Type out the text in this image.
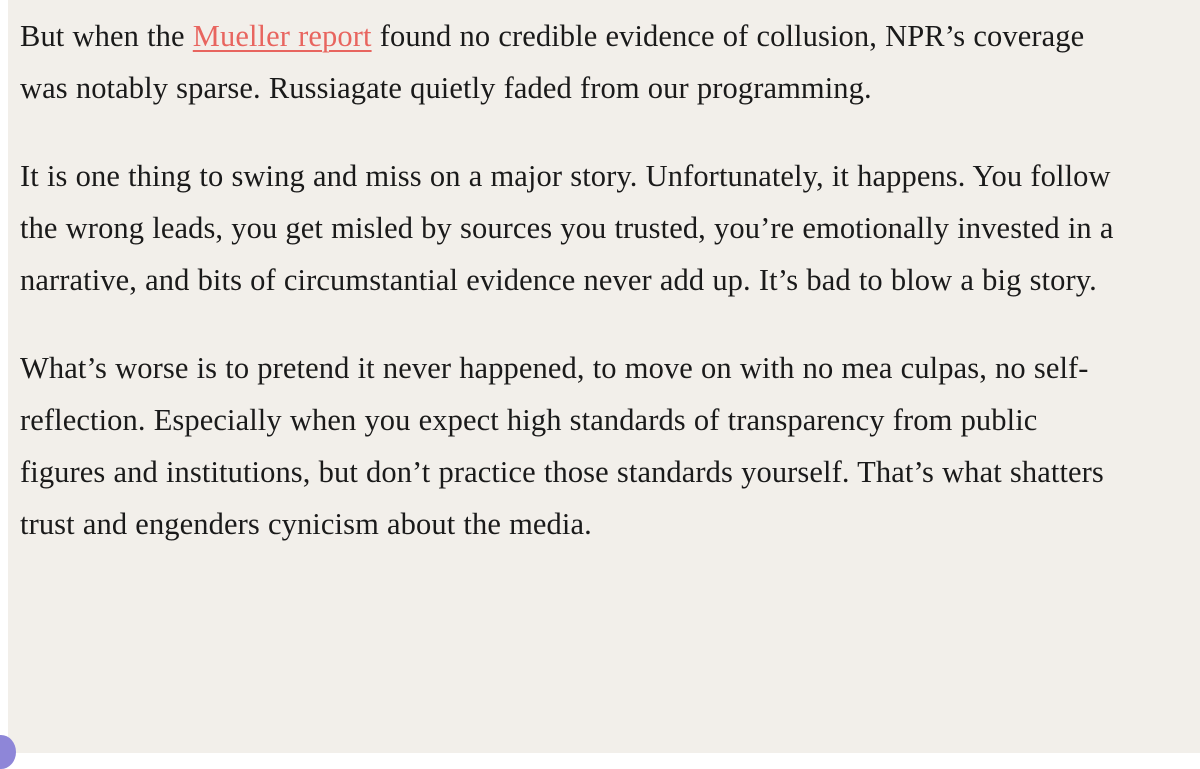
But when the Mueller report found no credible evidence of collusion, NPR’s coverage was notably sparse. Russiagate quietly faded from our programming.

It is one thing to swing and miss on a major story. Unfortunately, it happens. You follow the wrong leads, you get misled by sources you trusted, you’re emotionally invested in a narrative, and bits of circumstantial evidence never add up. It’s bad to blow a big story.

What’s worse is to pretend it never happened, to move on with no mea culpas, no self-reflection. Especially when you expect high standards of transparency from public figures and institutions, but don’t practice those standards yourself. That’s what shatters trust and engenders cynicism about the media.
